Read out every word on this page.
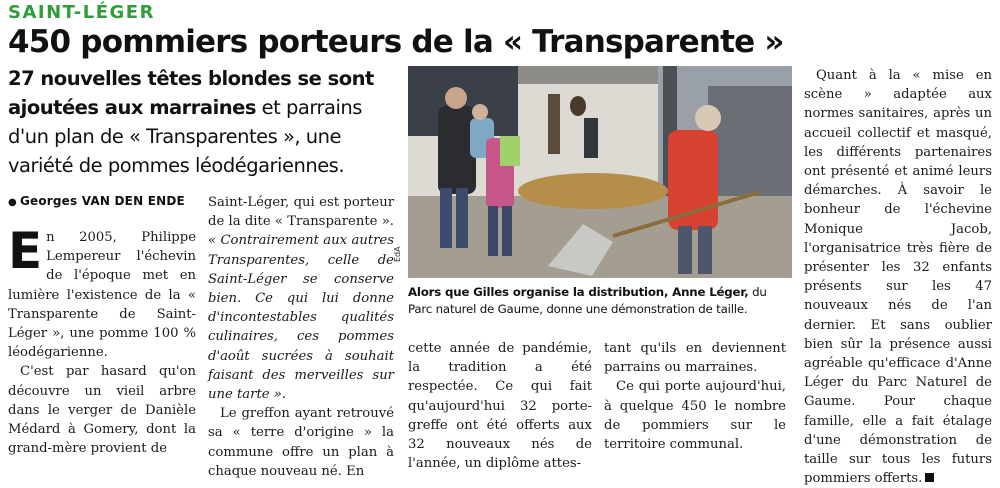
SAINT-LÉGER
450 pommiers porteurs de la « Transparente »
27 nouvelles têtes blondes se sont ajoutées aux marraines et parrains d'un plan de « Transparentes », une variété de pommes léodégariennes.
● Georges VAN DEN ENDE

En 2005, Philippe Lempereur l'échevin de l'époque met en lumière l'existence de la « Transparente de Saint-Léger », une pomme 100 % léodégarienne.

C'est par hasard qu'on découvre un vieil arbre dans le verger de Danièle Médard à Gomery, dont la grand-mère provient de

Saint-Léger, qui est porteur de la dite « Transparente ». « Contrairement aux autres Transparentes, celle de Saint-Léger se conserve bien. Ce qui lui donne d'incontestables qualités culinaires, ces pommes d'août sucrées à souhait faisant des merveilles sur une tarte ».

Le greffon ayant retrouvé sa « terre d'origine » la commune offre un plan à chaque nouveau né. En

ÉdA
Alors que Gilles organise la distribution, Anne Léger, du Parc naturel de Gaume, donne une démonstration de taille.

cette année de pandémie, la tradition a été respectée. Ce qui fait qu'aujourd'hui 32 porte-greffe ont été offerts aux 32 nouveaux nés de l'année, un diplôme attes-

tant qu'ils en deviennent parrains ou marraines.

Ce qui porte aujourd'hui, à quelque 450 le nombre de pommiers sur le territoire communal.

Quant à la « mise en scène » adaptée aux normes sanitaires, après un accueil collectif et masqué, les différents partenaires ont présenté et animé leurs démarches. À savoir le bonheur de l'échevine Monique Jacob, l'organisatrice très fière de présenter les 32 enfants présents sur les 47 nouveaux nés de l'an dernier. Et sans oublier bien sûr la présence aussi agréable qu'efficace d'Anne Léger du Parc Naturel de Gaume. Pour chaque famille, elle a fait étalage d'une démonstration de taille sur tous les futurs pommiers offerts.
